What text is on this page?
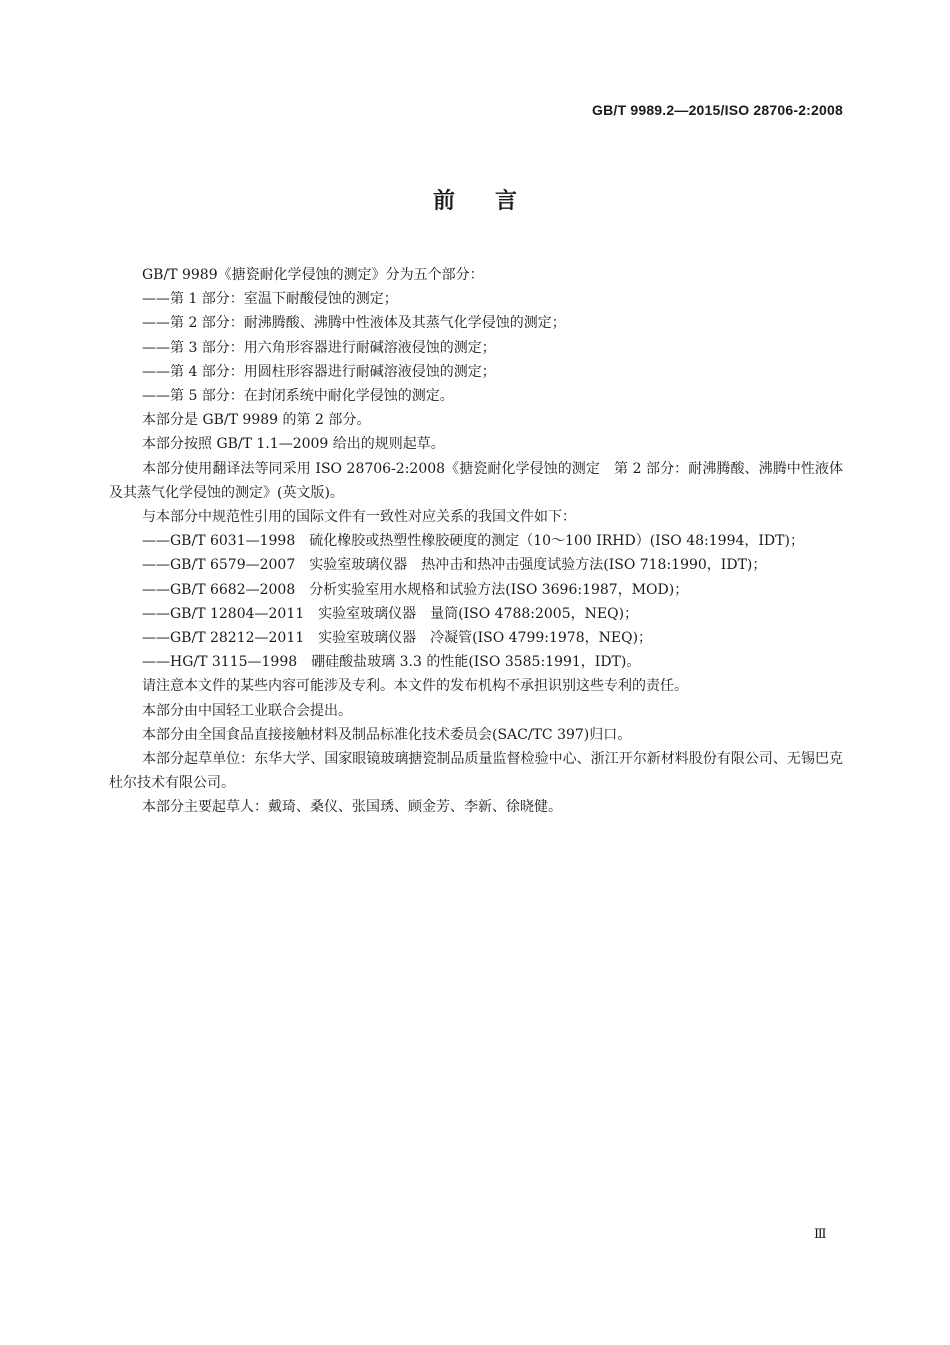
GB/T 9989.2—2015/ISO 28706-2:2008
前言

GB/T 9989《搪瓷耐化学侵蚀的测定》分为五个部分：

——第 1 部分：室温下耐酸侵蚀的测定；

——第 2 部分：耐沸腾酸、沸腾中性液体及其蒸气化学侵蚀的测定；

——第 3 部分：用六角形容器进行耐碱溶液侵蚀的测定；

——第 4 部分：用圆柱形容器进行耐碱溶液侵蚀的测定；

——第 5 部分：在封闭系统中耐化学侵蚀的测定。

本部分是 GB/T 9989 的第 2 部分。

本部分按照 GB/T 1.1—2009 给出的规则起草。

本部分使用翻译法等同采用 ISO 28706-2:2008《搪瓷耐化学侵蚀的测定　第 2 部分：耐沸腾酸、沸腾中性液体及其蒸气化学侵蚀的测定》(英文版)。

与本部分中规范性引用的国际文件有一致性对应关系的我国文件如下：

——GB/T 6031—1998　硫化橡胶或热塑性橡胶硬度的测定（10～100 IRHD）(ISO 48:1994，IDT)；

——GB/T 6579—2007　实验室玻璃仪器　热冲击和热冲击强度试验方法(ISO 718:1990，IDT)；

——GB/T 6682—2008　分析实验室用水规格和试验方法(ISO 3696:1987，MOD)；

——GB/T 12804—2011　实验室玻璃仪器　量筒(ISO 4788:2005，NEQ)；

——GB/T 28212—2011　实验室玻璃仪器　冷凝管(ISO 4799:1978，NEQ)；

——HG/T 3115—1998　硼硅酸盐玻璃 3.3 的性能(ISO 3585:1991，IDT)。

请注意本文件的某些内容可能涉及专利。本文件的发布机构不承担识别这些专利的责任。

本部分由中国轻工业联合会提出。

本部分由全国食品直接接触材料及制品标准化技术委员会(SAC/TC 397)归口。

本部分起草单位：东华大学、国家眼镜玻璃搪瓷制品质量监督检验中心、浙江开尔新材料股份有限公司、无锡巴克杜尔技术有限公司。

本部分主要起草人：戴琦、桑仪、张国琇、顾金芳、李新、徐晓健。

Ⅲ
